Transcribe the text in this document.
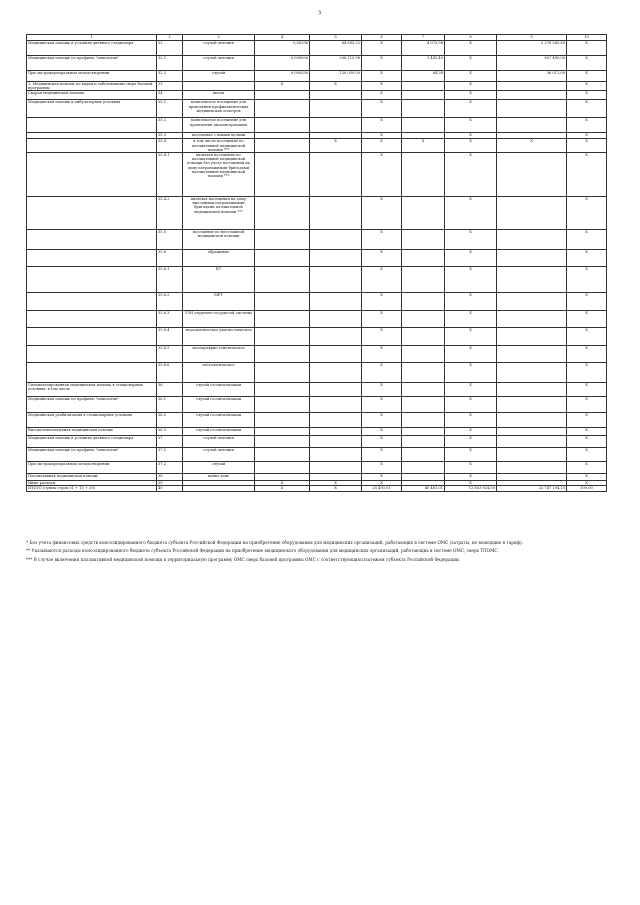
5
1	2	3	4	5	6	7	8	9	10
Медицинская помощь в условиях дневного стационара	32	случай лечения	0,06296	64 695,22	X	4 073,98	X	2 278 565,80	X
Медицинская помощь по профилю "онкология"	32.1	случай лечения	0,006936	208 115,98	X	1 443,40	X	807 490,00	X
При экстракорпоральном оплодотворении	32.2	случай	0,000536	120 050,00	X	64,38	X	36 011,00	X
2. Медицинская помощь по видам и заболеваниям сверх базовой программы	33		X	X	X		X		X
Скорая медицинская помощь	34	вызов			X		X		X
Медицинская помощь в амбулаторных условиях	35.1	комплексное посещение для проведения профилактических медицинских осмотров			X		X		X
	35.2	комплексное посещение для проведения диспансеризации			X		X		X
	35.3	посещение с иными целями			X		X		X
	35.4	в том числе посещение по паллиативной медицинской помощи ***		X	X	X	X	X	X
	35.4.1	включая посещение по паллиативной медицинской помощи без учета посещений на дому патронажными бригадами паллиативной медицинской помощи ***			X		X		X
	35.4.2	включая посещения на дому выездными патронажными бригадами паллиативной медицинской помощи ***			X		X		X
	35.5	посещение по неотложной медицинской помощи			X		X		X
	35.6	обращение			X		X		X
	35.6.1	КТ			X		X		X
	35.6.2	МРТ			X		X		X
	35.6.3	УЗИ сердечно-сосудистой системы			X		X		X
	35.6.4	эндоскопическое диагностическое			X		X		X
	35.6.5	молекулярно-генетическое			X		X		X
	35.6.6	гистологическое			X		X		X
Специализированная медицинская помощь в стационарных условиях, в том числе	36	случай госпитализации			X		X		X
Медицинская помощь по профилю "онкология"	36.1	случай госпитализации			X		X		X
Медицинская реабилитация в стационарных условиях	36.2	случай госпитализации			X		X		X
Высокотехнологичная медицинская помощь	36.3	случай госпитализации			X		X		X
Медицинская помощь в условиях дневного стационара	37	случай лечения			X		X		X
Медицинская помощь по профилю "онкология"	37.1	случай лечения			X		X		X
При экстракорпоральном оплодотворении	37.2	случай			X		X		X
Паллиативная медицинская помощь	38	койко-день			X		X		X
Иные расходы	39		X	X	X		X		X
ИТОГО (сумма строк 01 + 15 + 20)	40		X	X	25 493,01	40 461,01	13 803 924,00	22 747 194,10	100,00

* Без учета финансовых средств консолидированного бюджета субъекта Российской Федерации на приобретение оборудования для медицинских организаций, работающих в системе ОМС (затраты, не вошедшие в тариф).

** Указываются расходы консолидированного бюджета субъекта Российской Федерации на приобретение медицинского оборудования для медицинских организаций, работающих в системе ОМС, сверх ТПОМС.

*** В случае включения паллиативной медицинской помощи в территориальную программу ОМС сверх базовой программы ОМС с соответствующим платежом субъекта Российской Федерации.
